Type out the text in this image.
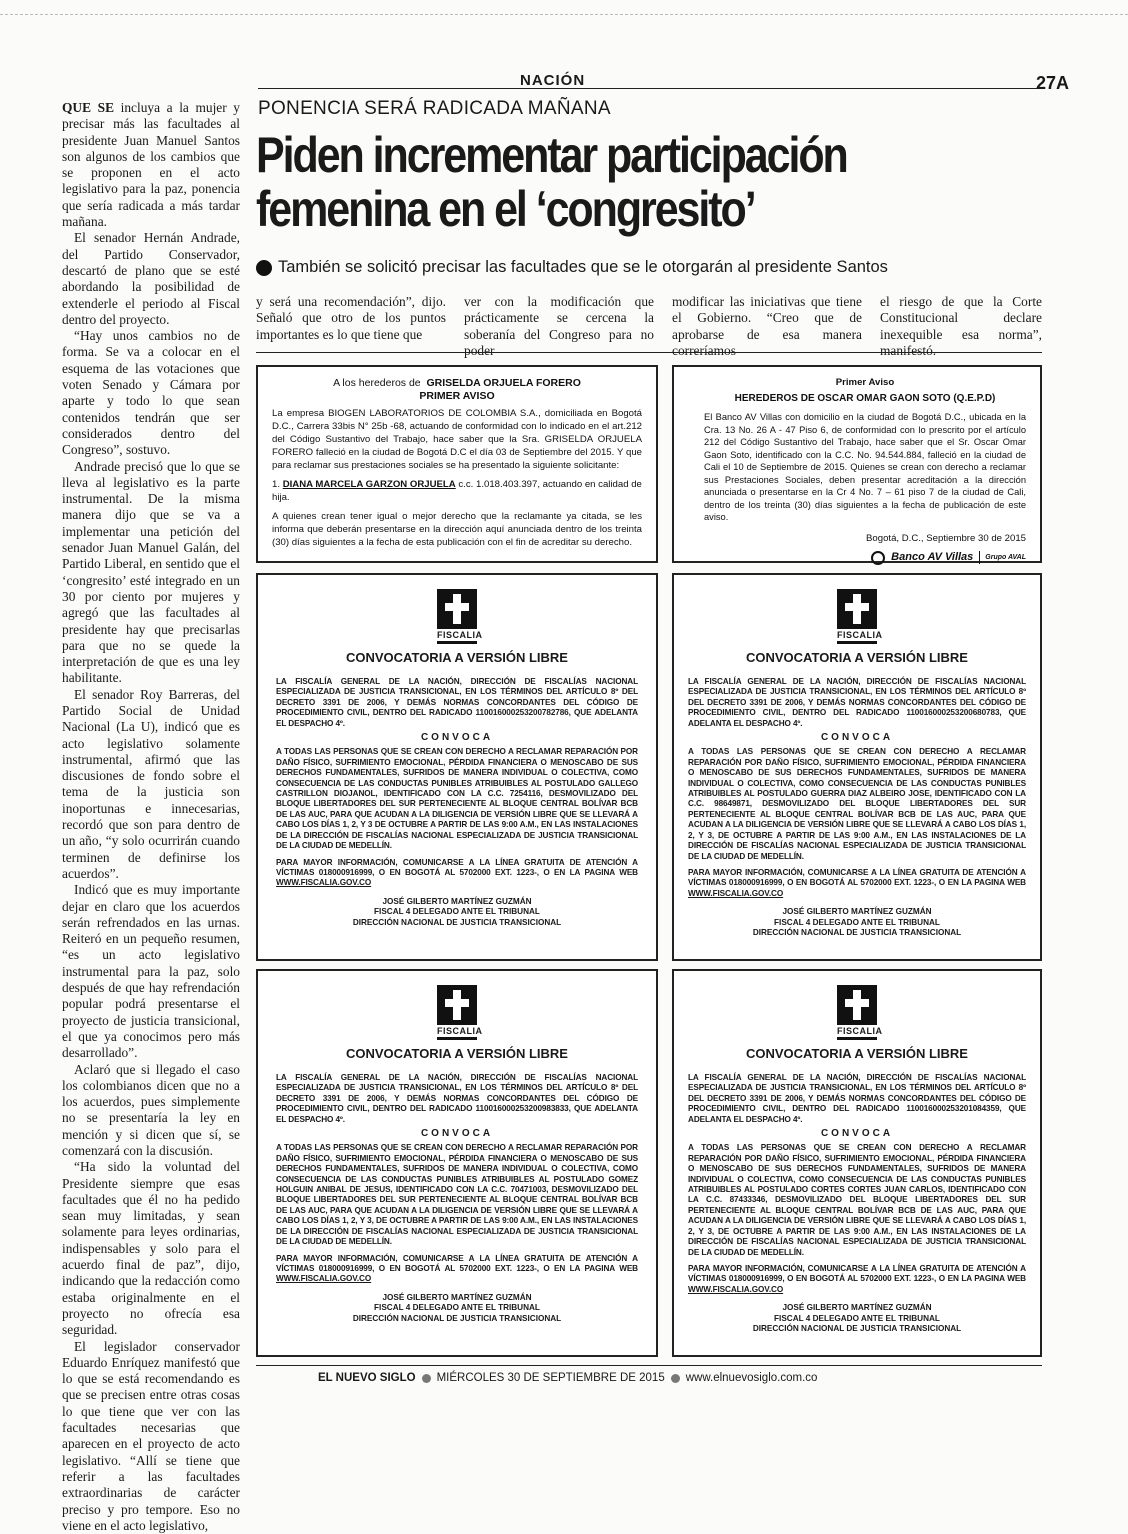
NACIÓN	27A

QUE SE incluya a la mujer y precisar más las facultades al presidente Juan Manuel Santos son algunos de los cambios que se proponen en el acto legislativo para la paz, ponencia que sería radicada a más tardar mañana.

El senador Hernán Andrade, del Partido Conservador, descartó de plano que se esté abordando la posibilidad de extenderle el periodo al Fiscal dentro del proyecto.

“Hay unos cambios no de forma. Se va a colocar en el esquema de las votaciones que voten Senado y Cámara por aparte y todo lo que sean contenidos tendrán que ser considerados dentro del Congreso”, sostuvo.

Andrade precisó que lo que se lleva al legislativo es la parte instrumental. De la misma manera dijo que se va a implementar una petición del senador Juan Manuel Galán, del Partido Liberal, en sentido que el ‘congresito’ esté integrado en un 30 por ciento por mujeres y agregó que las facultades al presidente hay que precisarlas para que no se quede la interpretación de que es una ley habilitante.

El senador Roy Barreras, del Partido Social de Unidad Nacional (La U), indicó que es acto legislativo solamente instrumental, afirmó que las discusiones de fondo sobre el tema de la justicia son inoportunas e innecesarias, recordó que son para dentro de un año, “y solo ocurrirán cuando terminen de definirse los acuerdos”.

Indicó que es muy importante dejar en claro que los acuerdos serán refrendados en las urnas. Reiteró en un pequeño resumen, “es un acto legislativo instrumental para la paz, solo después de que hay refrendación popular podrá presentarse el proyecto de justicia transicional, el que ya conocimos pero más desarrollado”.

Aclaró que si llegado el caso los colombianos dicen que no a los acuerdos, pues simplemente no se presentaría la ley en mención y si dicen que sí, se comenzará con la discusión.

“Ha sido la voluntad del Presidente siempre que esas facultades que él no ha pedido sean muy limitadas, y sean solamente para leyes ordinarias, indispensables y solo para el acuerdo final de paz”, dijo, indicando que la redacción como estaba originalmente en el proyecto no ofrecía esa seguridad.

El legislador conservador Eduardo Enríquez manifestó que lo que se está recomendando es que se precisen entre otras cosas lo que tiene que ver con las facultades necesarias que aparecen en el proyecto de acto legislativo. “Allí se tiene que referir a las facultades extraordinarias de carácter preciso y pro tempore. Eso no viene en el acto legislativo,

PONENCIA SERÁ RADICADA MAÑANA
Piden incrementar participación
femenina en el ‘congresito’
También se solicitó precisar las facultades que se le otorgarán al presidente Santos

y será una recomendación”, dijo. Señaló que otro de los puntos importantes es lo que tiene que

ver con la modificación que prácticamente se cercena la soberanía del Congreso para no poder

modificar las iniciativas que tiene el Gobierno. “Creo que de aprobarse de esa manera correríamos

el riesgo de que la Corte Constitucional declare inexequible esa norma”, manifestó.

A los herederos de GRISELDA ORJUELA FORERO
PRIMER AVISO
La empresa BIOGEN LABORATORIOS DE COLOMBIA S.A., domiciliada en Bogotá D.C., Carrera 33bis N° 25b -68, actuando de conformidad con lo indicado en el art.212 del Código Sustantivo del Trabajo, hace saber que la Sra. GRISELDA ORJUELA FORERO falleció en la ciudad de Bogotá D.C el día 03 de Septiembre del 2015. Y que para reclamar sus prestaciones sociales se ha presentado la siguiente solicitante:
1. DIANA MARCELA GARZON ORJUELA c.c. 1.018.403.397, actuando en calidad de hija.
A quienes crean tener igual o mejor derecho que la reclamante ya citada, se les informa que deberán presentarse en la dirección aquí anunciada dentro de los treinta (30) días siguientes a la fecha de esta publicación con el fin de acreditar su derecho.
Primer Aviso
HEREDEROS DE OSCAR OMAR GAON SOTO (Q.E.P.D)
El Banco AV Villas con domicilio en la ciudad de Bogotá D.C., ubicada en la Cra. 13 No. 26 A - 47 Piso 6, de conformidad con lo prescrito por el artículo 212 del Código Sustantivo del Trabajo, hace saber que el Sr. Oscar Omar Gaon Soto, identificado con la C.C. No. 94.544.884, falleció en la ciudad de Cali el 10 de Septiembre de 2015. Quienes se crean con derecho a reclamar sus Prestaciones Sociales, deben presentar acreditación a la dirección anunciada o presentarse en la Cr 4 No. 7 – 61 piso 7 de la ciudad de Cali, dentro de los treinta (30) días siguientes a la fecha de publicación de este aviso.
Bogotá, D.C., Septiembre 30 de 2015
Banco AV Villas	Grupo AVAL
FISCALIA
CONVOCATORIA A VERSIÓN LIBRE

LA FISCALÍA GENERAL DE LA NACIÓN, DIRECCIÓN DE FISCALÍAS NACIONAL ESPECIALIZADA DE JUSTICIA TRANSICIONAL, EN LOS TÉRMINOS DEL ARTÍCULO 8º DEL DECRETO 3391 DE 2006, Y DEMÁS NORMAS CONCORDANTES DEL CÓDIGO DE PROCEDIMIENTO CIVIL, DENTRO DEL RADICADO 110016000253200782786, QUE ADELANTA EL DESPACHO 4º.

CONVOCA

A TODAS LAS PERSONAS QUE SE CREAN CON DERECHO A RECLAMAR REPARACIÓN POR DAÑO FÍSICO, SUFRIMIENTO EMOCIONAL, PÉRDIDA FINANCIERA O MENOSCABO DE SUS DERECHOS FUNDAMENTALES, SUFRIDOS DE MANERA INDIVIDUAL O COLECTIVA, COMO CONSECUENCIA DE LAS CONDUCTAS PUNIBLES ATRIBUIBLES AL POSTULADO GALLEGO CASTRILLON DIOJANOL, IDENTIFICADO CON LA C.C. 7254116, DESMOVILIZADO DEL BLOQUE LIBERTADORES DEL SUR PERTENECIENTE AL BLOQUE CENTRAL BOLÍVAR BCB DE LAS AUC, PARA QUE ACUDAN A LA DILIGENCIA DE VERSIÓN LIBRE QUE SE LLEVARÁ A CABO LOS DÍAS 1, 2, Y 3 DE OCTUBRE A PARTIR DE LAS 9:00 A.M., EN LAS INSTALACIONES DE LA DIRECCIÓN DE FISCALÍAS NACIONAL ESPECIALIZADA DE JUSTICIA TRANSICIONAL DE LA CIUDAD DE MEDELLÍN.

PARA MAYOR INFORMACIÓN, COMUNICARSE A LA LÍNEA GRATUITA DE ATENCIÓN A VÍCTIMAS 018000916999, O EN BOGOTÁ AL 5702000 EXT. 1223-, O EN LA PAGINA WEB WWW.FISCALIA.GOV.CO

JOSÉ GILBERTO MARTÍNEZ GUZMÁN
FISCAL 4 DELEGADO ANTE EL TRIBUNAL
DIRECCIÓN NACIONAL DE JUSTICIA TRANSICIONAL
FISCALIA
CONVOCATORIA A VERSIÓN LIBRE

LA FISCALÍA GENERAL DE LA NACIÓN, DIRECCIÓN DE FISCALÍAS NACIONAL ESPECIALIZADA DE JUSTICIA TRANSICIONAL, EN LOS TÉRMINOS DEL ARTÍCULO 8º DEL DECRETO 3391 DE 2006, Y DEMÁS NORMAS CONCORDANTES DEL CÓDIGO DE PROCEDIMIENTO CIVIL, DENTRO DEL RADICADO 110016000253200680783, QUE ADELANTA EL DESPACHO 4º.

CONVOCA

A TODAS LAS PERSONAS QUE SE CREAN CON DERECHO A RECLAMAR REPARACIÓN POR DAÑO FÍSICO, SUFRIMIENTO EMOCIONAL, PÉRDIDA FINANCIERA O MENOSCABO DE SUS DERECHOS FUNDAMENTALES, SUFRIDOS DE MANERA INDIVIDUAL O COLECTIVA, COMO CONSECUENCIA DE LAS CONDUCTAS PUNIBLES ATRIBUIBLES AL POSTULADO GUERRA DIAZ ALBEIRO JOSE, IDENTIFICADO CON LA C.C. 98649871, DESMOVILIZADO DEL BLOQUE LIBERTADORES DEL SUR PERTENECIENTE AL BLOQUE CENTRAL BOLÍVAR BCB DE LAS AUC, PARA QUE ACUDAN A LA DILIGENCIA DE VERSIÓN LIBRE QUE SE LLEVARÁ A CABO LOS DÍAS 1, 2, Y 3, DE OCTUBRE A PARTIR DE LAS 9:00 A.M., EN LAS INSTALACIONES DE LA DIRECCIÓN DE FISCALÍAS NACIONAL ESPECIALIZADA DE JUSTICIA TRANSICIONAL DE LA CIUDAD DE MEDELLÍN.

PARA MAYOR INFORMACIÓN, COMUNICARSE A LA LÍNEA GRATUITA DE ATENCIÓN A VÍCTIMAS 018000916999, O EN BOGOTÁ AL 5702000 EXT. 1223-, O EN LA PAGINA WEB WWW.FISCALIA.GOV.CO

JOSÉ GILBERTO MARTÍNEZ GUZMÁN
FISCAL 4 DELEGADO ANTE EL TRIBUNAL
DIRECCIÓN NACIONAL DE JUSTICIA TRANSICIONAL
FISCALIA
CONVOCATORIA A VERSIÓN LIBRE

LA FISCALÍA GENERAL DE LA NACIÓN, DIRECCIÓN DE FISCALÍAS NACIONAL ESPECIALIZADA DE JUSTICIA TRANSICIONAL, EN LOS TÉRMINOS DEL ARTÍCULO 8º DEL DECRETO 3391 DE 2006, Y DEMÁS NORMAS CONCORDANTES DEL CÓDIGO DE PROCEDIMIENTO CIVIL, DENTRO DEL RADICADO 110016000253200983833, QUE ADELANTA EL DESPACHO 4º.

CONVOCA

A TODAS LAS PERSONAS QUE SE CREAN CON DERECHO A RECLAMAR REPARACIÓN POR DAÑO FÍSICO, SUFRIMIENTO EMOCIONAL, PÉRDIDA FINANCIERA O MENOSCABO DE SUS DERECHOS FUNDAMENTALES, SUFRIDOS DE MANERA INDIVIDUAL O COLECTIVA, COMO CONSECUENCIA DE LAS CONDUCTAS PUNIBLES ATRIBUIBLES AL POSTULADO GOMEZ HOLGUIN ANIBAL DE JESUS, IDENTIFICADO CON LA C.C. 70471003, DESMOVILIZADO DEL BLOQUE LIBERTADORES DEL SUR PERTENECIENTE AL BLOQUE CENTRAL BOLÍVAR BCB DE LAS AUC, PARA QUE ACUDAN A LA DILIGENCIA DE VERSIÓN LIBRE QUE SE LLEVARÁ A CABO LOS DÍAS 1, 2, Y 3, DE OCTUBRE A PARTIR DE LAS 9:00 A.M., EN LAS INSTALACIONES DE LA DIRECCIÓN DE FISCALÍAS NACIONAL ESPECIALIZADA DE JUSTICIA TRANSICIONAL DE LA CIUDAD DE MEDELLÍN.

PARA MAYOR INFORMACIÓN, COMUNICARSE A LA LÍNEA GRATUITA DE ATENCIÓN A VÍCTIMAS 018000916999, O EN BOGOTÁ AL 5702000 EXT. 1223-, O EN LA PAGINA WEB WWW.FISCALIA.GOV.CO

JOSÉ GILBERTO MARTÍNEZ GUZMÁN
FISCAL 4 DELEGADO ANTE EL TRIBUNAL
DIRECCIÓN NACIONAL DE JUSTICIA TRANSICIONAL
FISCALIA
CONVOCATORIA A VERSIÓN LIBRE

LA FISCALÍA GENERAL DE LA NACIÓN, DIRECCIÓN DE FISCALÍAS NACIONAL ESPECIALIZADA DE JUSTICIA TRANSICIONAL, EN LOS TÉRMINOS DEL ARTÍCULO 8º DEL DECRETO 3391 DE 2006, Y DEMÁS NORMAS CONCORDANTES DEL CÓDIGO DE PROCEDIMIENTO CIVIL, DENTRO DEL RADICADO 110016000253201084359, QUE ADELANTA EL DESPACHO 4º.

CONVOCA

A TODAS LAS PERSONAS QUE SE CREAN CON DERECHO A RECLAMAR REPARACIÓN POR DAÑO FÍSICO, SUFRIMIENTO EMOCIONAL, PÉRDIDA FINANCIERA O MENOSCABO DE SUS DERECHOS FUNDAMENTALES, SUFRIDOS DE MANERA INDIVIDUAL O COLECTIVA, COMO CONSECUENCIA DE LAS CONDUCTAS PUNIBLES ATRIBUIBLES AL POSTULADO CORTES CORTES JUAN CARLOS, IDENTIFICADO CON LA C.C. 87433346, DESMOVILIZADO DEL BLOQUE LIBERTADORES DEL SUR PERTENECIENTE AL BLOQUE CENTRAL BOLÍVAR BCB DE LAS AUC, PARA QUE ACUDAN A LA DILIGENCIA DE VERSIÓN LIBRE QUE SE LLEVARÁ A CABO LOS DÍAS 1, 2, Y 3, DE OCTUBRE A PARTIR DE LAS 9:00 A.M., EN LAS INSTALACIONES DE LA DIRECCIÓN DE FISCALÍAS NACIONAL ESPECIALIZADA DE JUSTICIA TRANSICIONAL DE LA CIUDAD DE MEDELLÍN.

PARA MAYOR INFORMACIÓN, COMUNICARSE A LA LÍNEA GRATUITA DE ATENCIÓN A VÍCTIMAS 018000916999, O EN BOGOTÁ AL 5702000 EXT. 1223-, O EN LA PAGINA WEB WWW.FISCALIA.GOV.CO

JOSÉ GILBERTO MARTÍNEZ GUZMÁN
FISCAL 4 DELEGADO ANTE EL TRIBUNAL
DIRECCIÓN NACIONAL DE JUSTICIA TRANSICIONAL
EL NUEVO SIGLO MIÉRCOLES 30 DE SEPTIEMBRE DE 2015 www.elnuevosiglo.com.co
